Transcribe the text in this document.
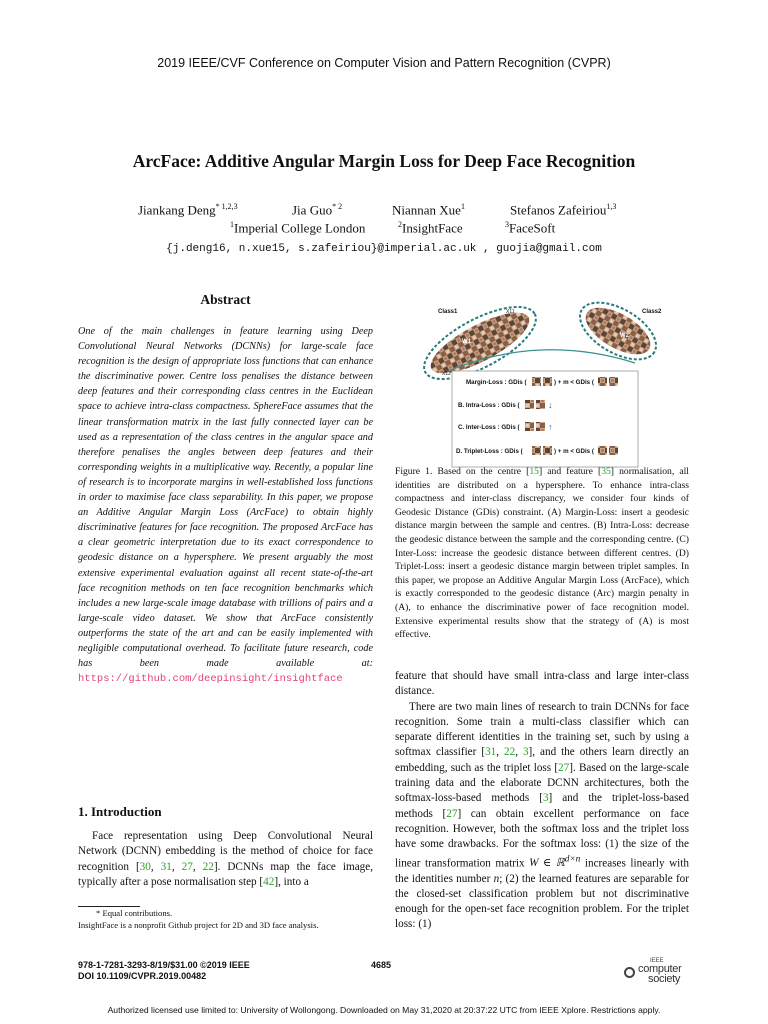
2019 IEEE/CVF Conference on Computer Vision and Pattern Recognition (CVPR)
ArcFace: Additive Angular Margin Loss for Deep Face Recognition
Jiankang Deng$^{* 1,2,3}$	Jia Guo$^{* 2}$	Niannan Xue$^1$	Stefanos Zafeiriou$^{1,3}$
$^1$Imperial College London	$^2$InsightFace	$^3$FaceSoft
{j.deng16, n.xue15, s.zafeiriou}@imperial.ac.uk , guojia@gmail.com
Abstract
One of the main challenges in feature learning using Deep Convolutional Neural Networks (DCNNs) for large-scale face recognition is the design of appropriate loss functions that can enhance the discriminative power. Centre loss penalises the distance between deep features and their corresponding class centres in the Euclidean space to achieve intra-class compactness. SphereFace assumes that the linear transformation matrix in the last fully connected layer can be used as a representation of the class centres in the angular space and therefore penalises the angles between deep features and their corresponding weights in a multiplicative way. Recently, a popular line of research is to incorporate margins in well-established loss functions in order to maximise face class separability. In this paper, we propose an Additive Angular Margin Loss (ArcFace) to obtain highly discriminative features for face recognition. The proposed ArcFace has a clear geometric interpretation due to its exact correspondence to geodesic distance on a hypersphere. We present arguably the most extensive experimental evaluation against all recent state-of-the-art face recognition methods on ten face recognition benchmarks which includes a new large-scale image database with trillions of pairs and a large-scale video dataset. We show that ArcFace consistently outperforms the state of the art and can be easily implemented with negligible computational overhead. To facilitate future research, code has been made available at: https://github.com/deepinsight/insightface
1. Introduction
Face representation using Deep Convolutional Neural Network (DCNN) embedding is the method of choice for face recognition [30, 31, 27, 22]. DCNNs map the face image, typically after a pose normalisation step [42], into a
* Equal contributions.
InsightFace is a nonprofit Github project for 2D and 3D face analysis.
Class1	Class2
X11
X12
W1
W2
Margin-Loss : GDis (	) + m < GDis (
B. Intra-Loss : GDis (	↓
C. Inter-Loss : GDis (	↑
D. Triplet-Loss : GDis (	) + m < GDis (
Figure 1. Based on the centre [15] and feature [35] normalisation, all identities are distributed on a hypersphere. To enhance intra-class compactness and inter-class discrepancy, we consider four kinds of Geodesic Distance (GDis) constraint. (A) Margin-Loss: insert a geodesic distance margin between the sample and centres. (B) Intra-Loss: decrease the geodesic distance between the sample and the corresponding centre. (C) Inter-Loss: increase the geodesic distance between different centres. (D) Triplet-Loss: insert a geodesic distance margin between triplet samples. In this paper, we propose an Additive Angular Margin Loss (ArcFace), which is exactly corresponded to the geodesic distance (Arc) margin penalty in (A), to enhance the discriminative power of face recognition model. Extensive experimental results show that the strategy of (A) is most effective.

feature that should have small intra-class and large inter-class distance.

There are two main lines of research to train DCNNs for face recognition. Some train a multi-class classifier which can separate different identities in the training set, such by using a softmax classifier [31, 22, 3], and the others learn directly an embedding, such as the triplet loss [27]. Based on the large-scale training data and the elaborate DCNN architectures, both the softmax-loss-based methods [3] and the triplet-loss-based methods [27] can obtain excellent performance on face recognition. However, both the softmax loss and the triplet loss have some drawbacks. For the softmax loss: (1) the size of the linear transformation matrix W ∈ ℝ$^{d\times n}$ increases linearly with the identities number n; (2) the learned features are separable for the closed-set classification problem but not discriminative enough for the open-set face recognition problem. For the triplet loss: (1)

978-1-7281-3293-8/19/$31.00 ©2019 IEEE
DOI 10.1109/CVPR.2019.00482
4685	IEEE
computer
society
Authorized licensed use limited to: University of Wollongong. Downloaded on May 31,2020 at 20:37:22 UTC from IEEE Xplore. Restrictions apply.
